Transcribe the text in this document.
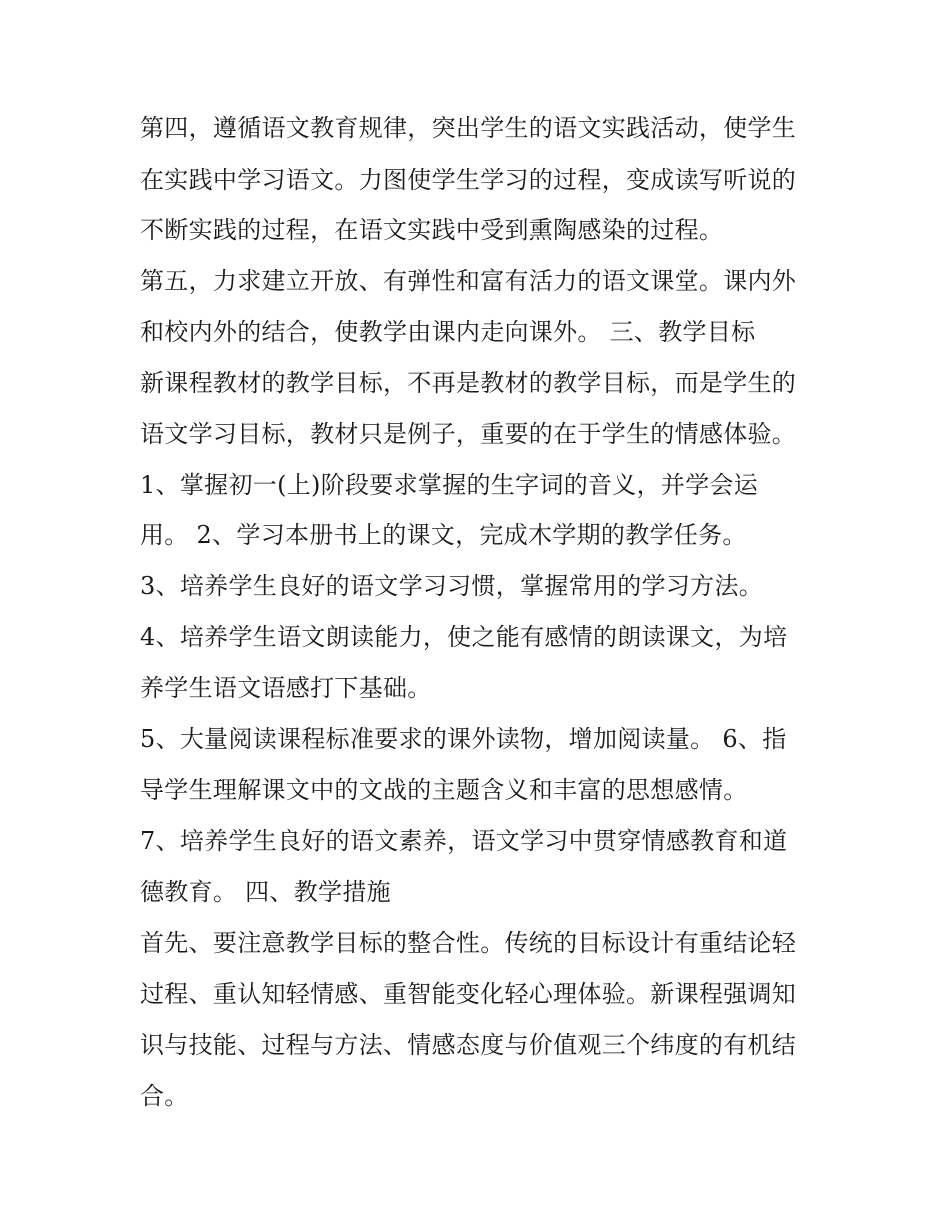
第四，遵循语文教育规律，突出学生的语文实践活动，使学生
在实践中学习语文。力图使学生学习的过程，变成读写听说的
不断实践的过程，在语文实践中受到熏陶感染的过程。
第五，力求建立开放、有弹性和富有活力的语文课堂。课内外
和校内外的结合，使教学由课内走向课外。 三、教学目标
新课程教材的教学目标，不再是教材的教学目标，而是学生的
语文学习目标，教材只是例子，重要的在于学生的情感体验。
1、掌握初一(上)阶段要求掌握的生字词的音义，并学会运
用。 2、学习本册书上的课文，完成木学期的教学任务。
3、培养学生良好的语文学习习惯，掌握常用的学习方法。
4、培养学生语文朗读能力，使之能有感情的朗读课文，为培
养学生语文语感打下基础。
5、大量阅读课程标准要求的课外读物，增加阅读量。 6、指
导学生理解课文中的文战的主题含义和丰富的思想感情。
7、培养学生良好的语文素养，语文学习中贯穿情感教育和道
德教育。 四、教学措施
首先、要注意教学目标的整合性。传统的目标设计有重结论轻
过程、重认知轻情感、重智能变化轻心理体验。新课程强调知
识与技能、过程与方法、情感态度与价值观三个纬度的有机结
合。
